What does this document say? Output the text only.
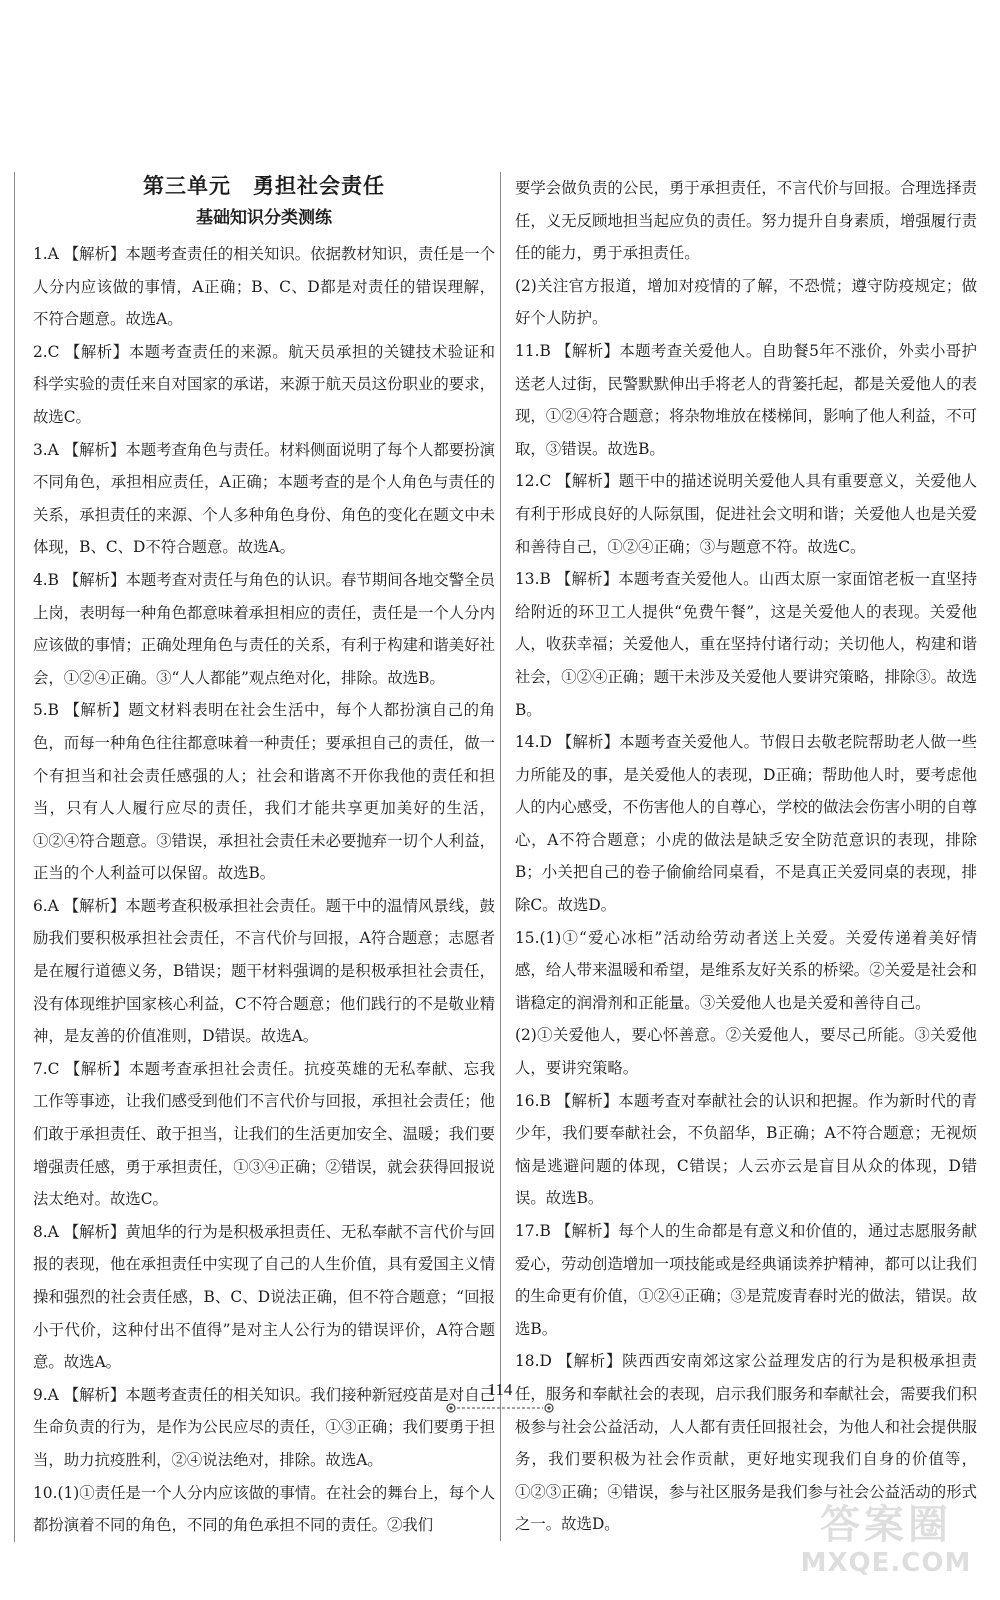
第三单元　勇担社会责任
基础知识分类测练

1.A 【解析】本题考查责任的相关知识。依据教材知识，责任是一个人分内应该做的事情，A正确；B、C、D都是对责任的错误理解，不符合题意。故选A。

2.C 【解析】本题考查责任的来源。航天员承担的关键技术验证和科学实验的责任来自对国家的承诺，来源于航天员这份职业的要求，故选C。

3.A 【解析】本题考查角色与责任。材料侧面说明了每个人都要扮演不同角色，承担相应责任，A正确；本题考查的是个人角色与责任的关系，承担责任的来源、个人多种角色身份、角色的变化在题文中未体现，B、C、D不符合题意。故选A。

4.B 【解析】本题考查对责任与角色的认识。春节期间各地交警全员上岗，表明每一种角色都意味着承担相应的责任，责任是一个人分内应该做的事情；正确处理角色与责任的关系，有利于构建和谐美好社会，①②④正确。③“人人都能”观点绝对化，排除。故选B。

5.B 【解析】题文材料表明在社会生活中，每个人都扮演自己的角色，而每一种角色往往都意味着一种责任；要承担自己的责任，做一个有担当和社会责任感强的人；社会和谐离不开你我他的责任和担当，只有人人履行应尽的责任，我们才能共享更加美好的生活，①②④符合题意。③错误，承担社会责任未必要抛弃一切个人利益，正当的个人利益可以保留。故选B。

6.A 【解析】本题考查积极承担社会责任。题干中的温情风景线，鼓励我们要积极承担社会责任，不言代价与回报，A符合题意；志愿者是在履行道德义务，B错误；题干材料强调的是积极承担社会责任，没有体现维护国家核心利益，C不符合题意；他们践行的不是敬业精神，是友善的价值准则，D错误。故选A。

7.C 【解析】本题考查承担社会责任。抗疫英雄的无私奉献、忘我工作等事迹，让我们感受到他们不言代价与回报，承担社会责任；他们敢于承担责任、敢于担当，让我们的生活更加安全、温暖；我们要增强责任感，勇于承担责任，①③④正确；②错误，就会获得回报说法太绝对。故选C。

8.A 【解析】黄旭华的行为是积极承担责任、无私奉献不言代价与回报的表现，他在承担责任中实现了自己的人生价值，具有爱国主义情操和强烈的社会责任感，B、C、D说法正确，但不符合题意；“回报小于代价，这种付出不值得”是对主人公行为的错误评价，A符合题意。故选A。

9.A 【解析】本题考查责任的相关知识。我们接种新冠疫苗是对自己生命负责的行为，是作为公民应尽的责任，①③正确；我们要勇于担当，助力抗疫胜利，②④说法绝对，排除。故选A。

10.(1)①责任是一个人分内应该做的事情。在社会的舞台上，每个人都扮演着不同的角色，不同的角色承担不同的责任。②我们

要学会做负责的公民，勇于承担责任，不言代价与回报。合理选择责任，义无反顾地担当起应负的责任。努力提升自身素质，增强履行责任的能力，勇于承担责任。

(2)关注官方报道，增加对疫情的了解，不恐慌；遵守防疫规定；做好个人防护。

11.B 【解析】本题考查关爱他人。自助餐5年不涨价，外卖小哥护送老人过街，民警默默伸出手将老人的背篓托起，都是关爱他人的表现，①②④符合题意；将杂物堆放在楼梯间，影响了他人利益，不可取，③错误。故选B。

12.C 【解析】题干中的描述说明关爱他人具有重要意义，关爱他人有利于形成良好的人际氛围，促进社会文明和谐；关爱他人也是关爱和善待自己，①②④正确；③与题意不符。故选C。

13.B 【解析】本题考查关爱他人。山西太原一家面馆老板一直坚持给附近的环卫工人提供“免费午餐”，这是关爱他人的表现。关爱他人，收获幸福；关爱他人，重在坚持付诸行动；关切他人，构建和谐社会，①②④正确；题干未涉及关爱他人要讲究策略，排除③。故选B。

14.D 【解析】本题考查关爱他人。节假日去敬老院帮助老人做一些力所能及的事，是关爱他人的表现，D正确；帮助他人时，要考虑他人的内心感受，不伤害他人的自尊心，学校的做法会伤害小明的自尊心，A不符合题意；小虎的做法是缺乏安全防范意识的表现，排除B；小关把自己的卷子偷偷给同桌看，不是真正关爱同桌的表现，排除C。故选D。

15.(1)①“爱心冰柜”活动给劳动者送上关爱。关爱传递着美好情感，给人带来温暖和希望，是维系友好关系的桥梁。②关爱是社会和谐稳定的润滑剂和正能量。③关爱他人也是关爱和善待自己。

(2)①关爱他人，要心怀善意。②关爱他人，要尽己所能。③关爱他人，要讲究策略。

16.B 【解析】本题考查对奉献社会的认识和把握。作为新时代的青少年，我们要奉献社会，不负韶华，B正确；A不符合题意；无视烦恼是逃避问题的体现，C错误；人云亦云是盲目从众的体现，D错误。故选B。

17.B 【解析】每个人的生命都是有意义和价值的，通过志愿服务献爱心，劳动创造增加一项技能或是经典诵读养护精神，都可以让我们的生命更有价值，①②④正确；③是荒废青春时光的做法，错误。故选B。

18.D 【解析】陕西西安南郊这家公益理发店的行为是积极承担责任，服务和奉献社会的表现，启示我们服务和奉献社会，需要我们积极参与社会公益活动，人人都有责任回报社会，为他人和社会提供服务，我们要积极为社会作贡献，更好地实现我们自身的价值等，①②③正确；④错误，参与社区服务是我们参与社会公益活动的形式之一。故选D。

114
答案圈
MXQE.COM
